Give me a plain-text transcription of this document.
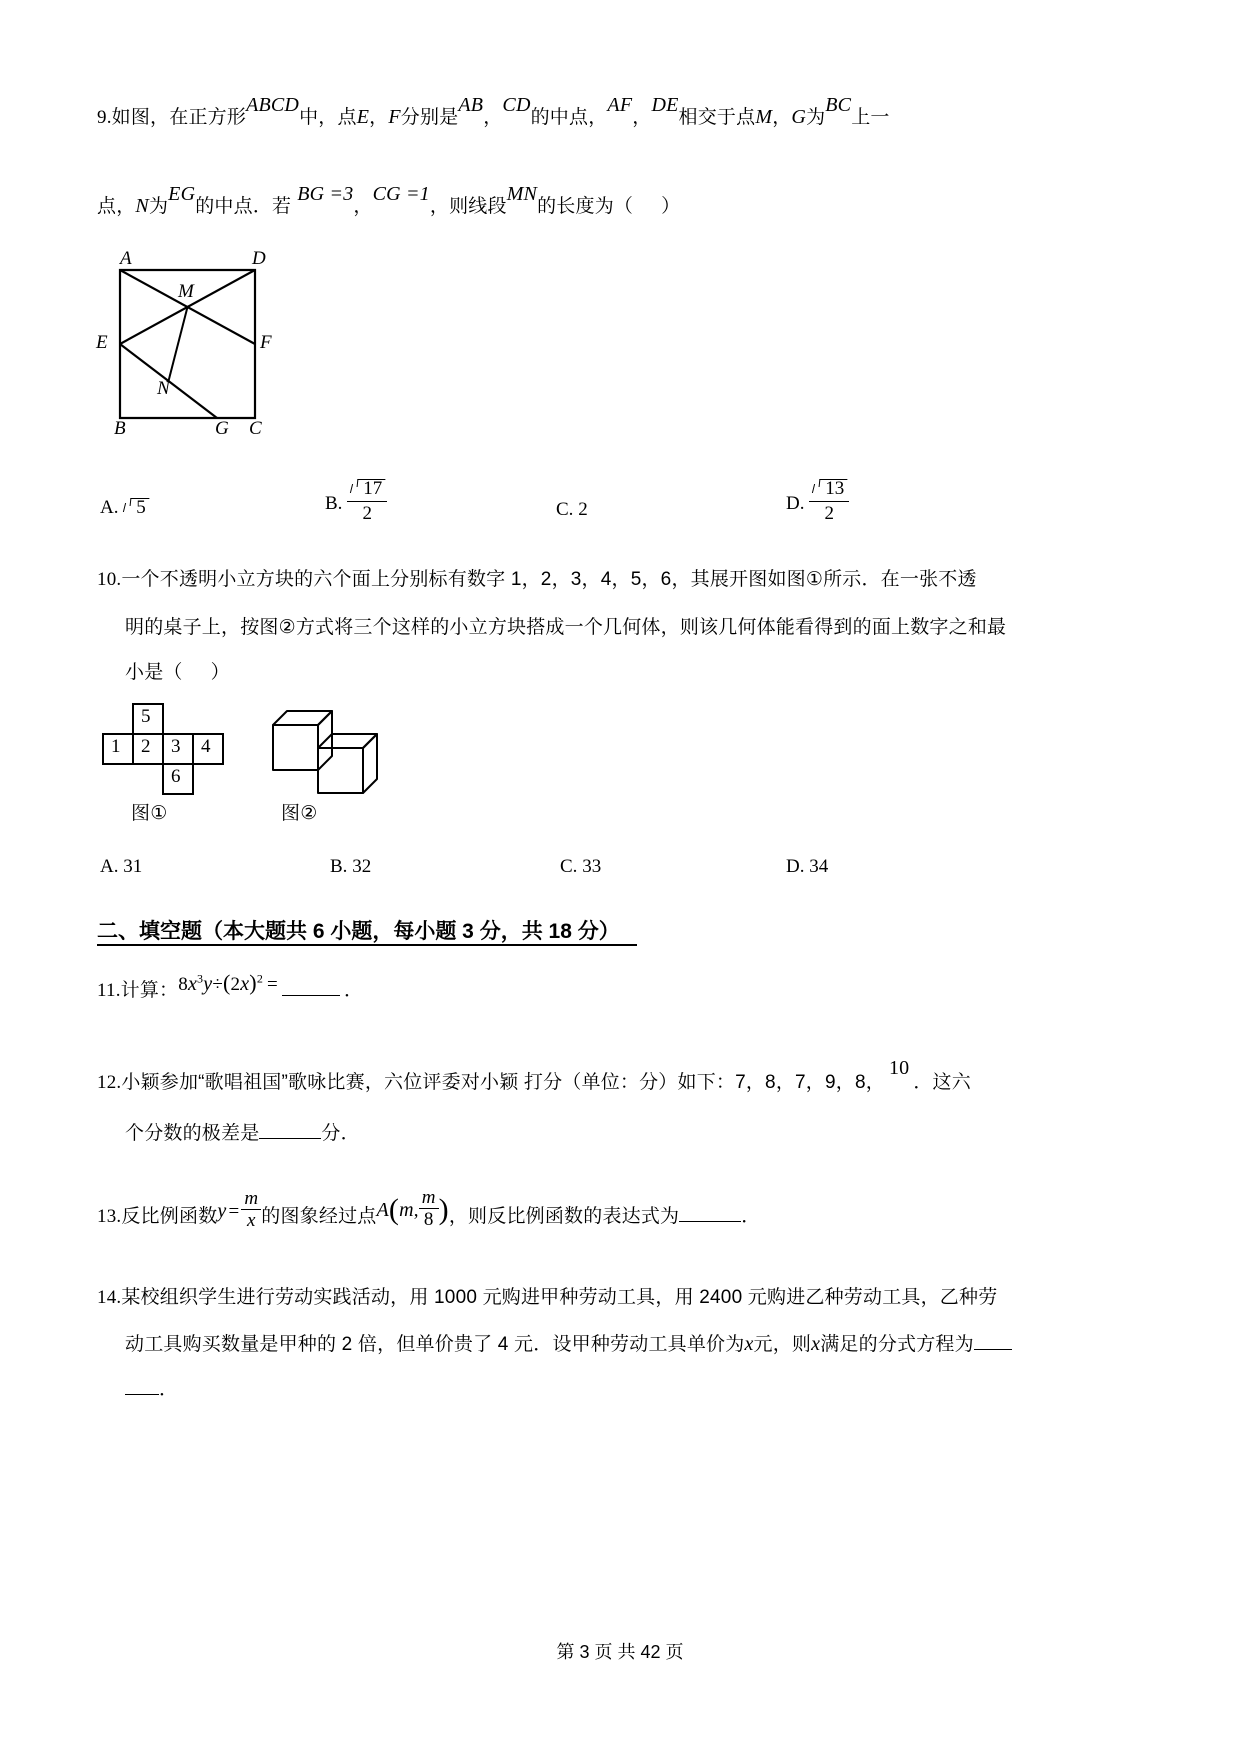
9.如图，在正方形ABCD中，点E，F分别是AB，CD的中点，AF，DE相交于点M，G为BC上一
点，N为EG的中点．若BG =3，CG =1，则线段MN的长度为（ ）
A	D
M
E	F
N
B	G C
A. 5	B. $\frac{17}{2}$	C. 2	D. $\frac{13}{2}$
10.一个不透明小立方块的六个面上分别标有数字 1，2，3，4，5，6，其展开图如图①所示．在一张不透
明的桌子上，按图②方式将三个这样的小立方块搭成一个几何体，则该几何体能看得到的面上数字之和最
小是（ ）
5
1 2 3 4
6
图①	图②
A. 31	B. 32	C. 33	D. 34
二、填空题（本大题共 6 小题，每小题 3 分，共 18 分）
11.计算：$8x^3y\div(2x)^2$ =	．
12.小颖参加“歌唱祖国”歌咏比赛，六位评委对小颖 打分（单位：分）如下：7，8，7，9，8，10．这六
个分数的极差是	分．
13.反比例函数$y = \frac{m}{x}$ 的图象经过点A(m, $\frac{m}{8}$ )，则反比例函数的表达式为	．
14.某校组织学生进行劳动实践活动，用 1000 元购进甲种劳动工具，用 2400 元购进乙种劳动工具，乙种劳
动工具购买数量是甲种的 2 倍，但单价贵了 4 元．设甲种劳动工具单价为x元，则x满足的分式方程为
．
第 3 页 共 42 页
